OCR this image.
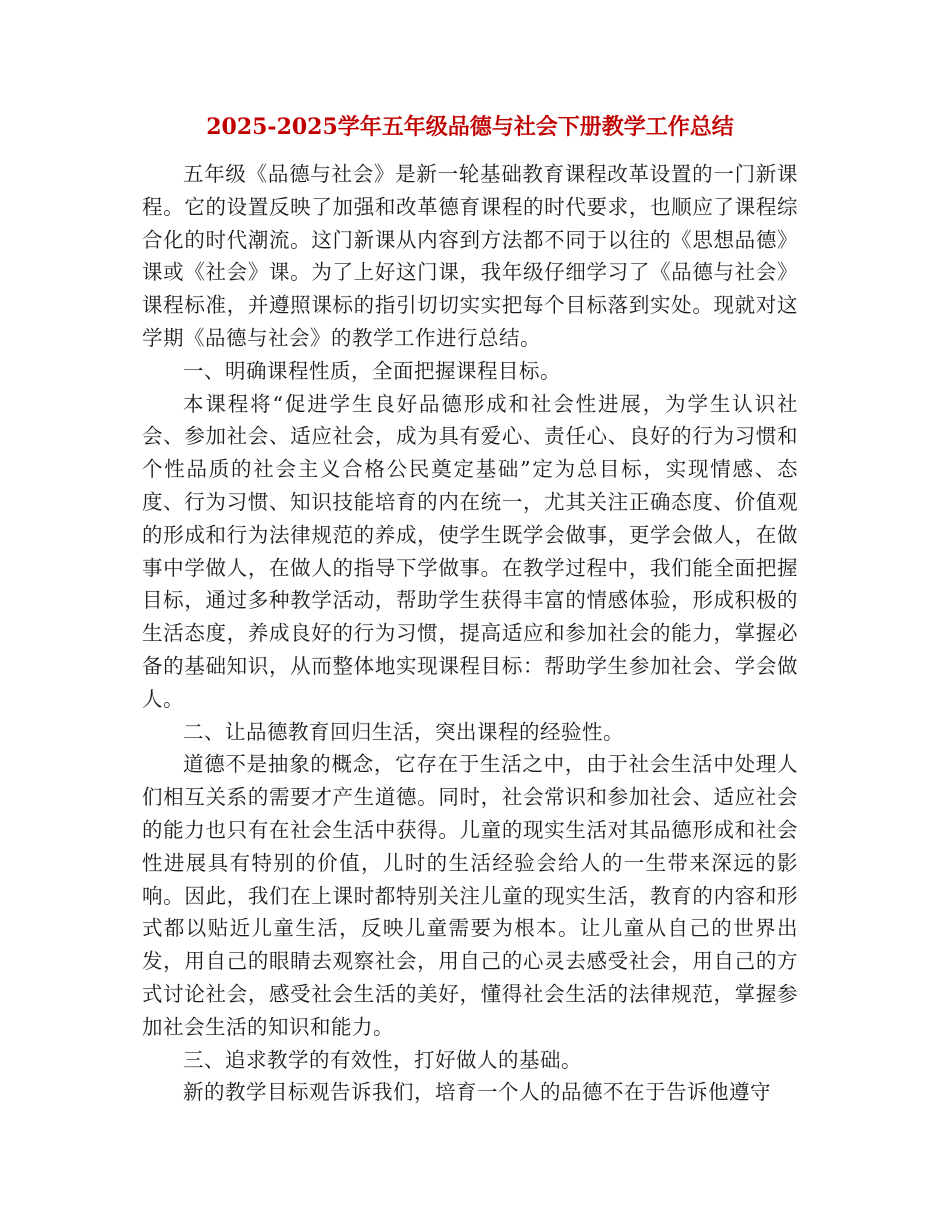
2025-2025学年五年级品德与社会下册教学工作总结

五年级《品德与社会》是新一轮基础教育课程改革设置的一门新课程。它的设置反映了加强和改革德育课程的时代要求，也顺应了课程综合化的时代潮流。这门新课从内容到方法都不同于以往的《思想品德》课或《社会》课。为了上好这门课，我年级仔细学习了《品德与社会》课程标准，并遵照课标的指引切切实实把每个目标落到实处。现就对这学期《品德与社会》的教学工作进行总结。

一、明确课程性质，全面把握课程目标。

本课程将“促进学生良好品德形成和社会性进展，为学生认识社会、参加社会、适应社会，成为具有爱心、责任心、良好的行为习惯和个性品质的社会主义合格公民奠定基础”定为总目标，实现情感、态度、行为习惯、知识技能培育的内在统一，尤其关注正确态度、价值观的形成和行为法律规范的养成，使学生既学会做事，更学会做人，在做事中学做人，在做人的指导下学做事。在教学过程中，我们能全面把握目标，通过多种教学活动，帮助学生获得丰富的情感体验，形成积极的生活态度，养成良好的行为习惯，提高适应和参加社会的能力，掌握必备的基础知识，从而整体地实现课程目标：帮助学生参加社会、学会做人。

二、让品德教育回归生活，突出课程的经验性。

道德不是抽象的概念，它存在于生活之中，由于社会生活中处理人们相互关系的需要才产生道德。同时，社会常识和参加社会、适应社会的能力也只有在社会生活中获得。儿童的现实生活对其品德形成和社会性进展具有特别的价值，儿时的生活经验会给人的一生带来深远的影响。因此，我们在上课时都特别关注儿童的现实生活，教育的内容和形式都以贴近儿童生活，反映儿童需要为根本。让儿童从自己的世界出发，用自己的眼睛去观察社会，用自己的心灵去感受社会，用自己的方式讨论社会，感受社会生活的美好，懂得社会生活的法律规范，掌握参加社会生活的知识和能力。

三、追求教学的有效性，打好做人的基础。

新的教学目标观告诉我们，培育一个人的品德不在于告诉他遵守
